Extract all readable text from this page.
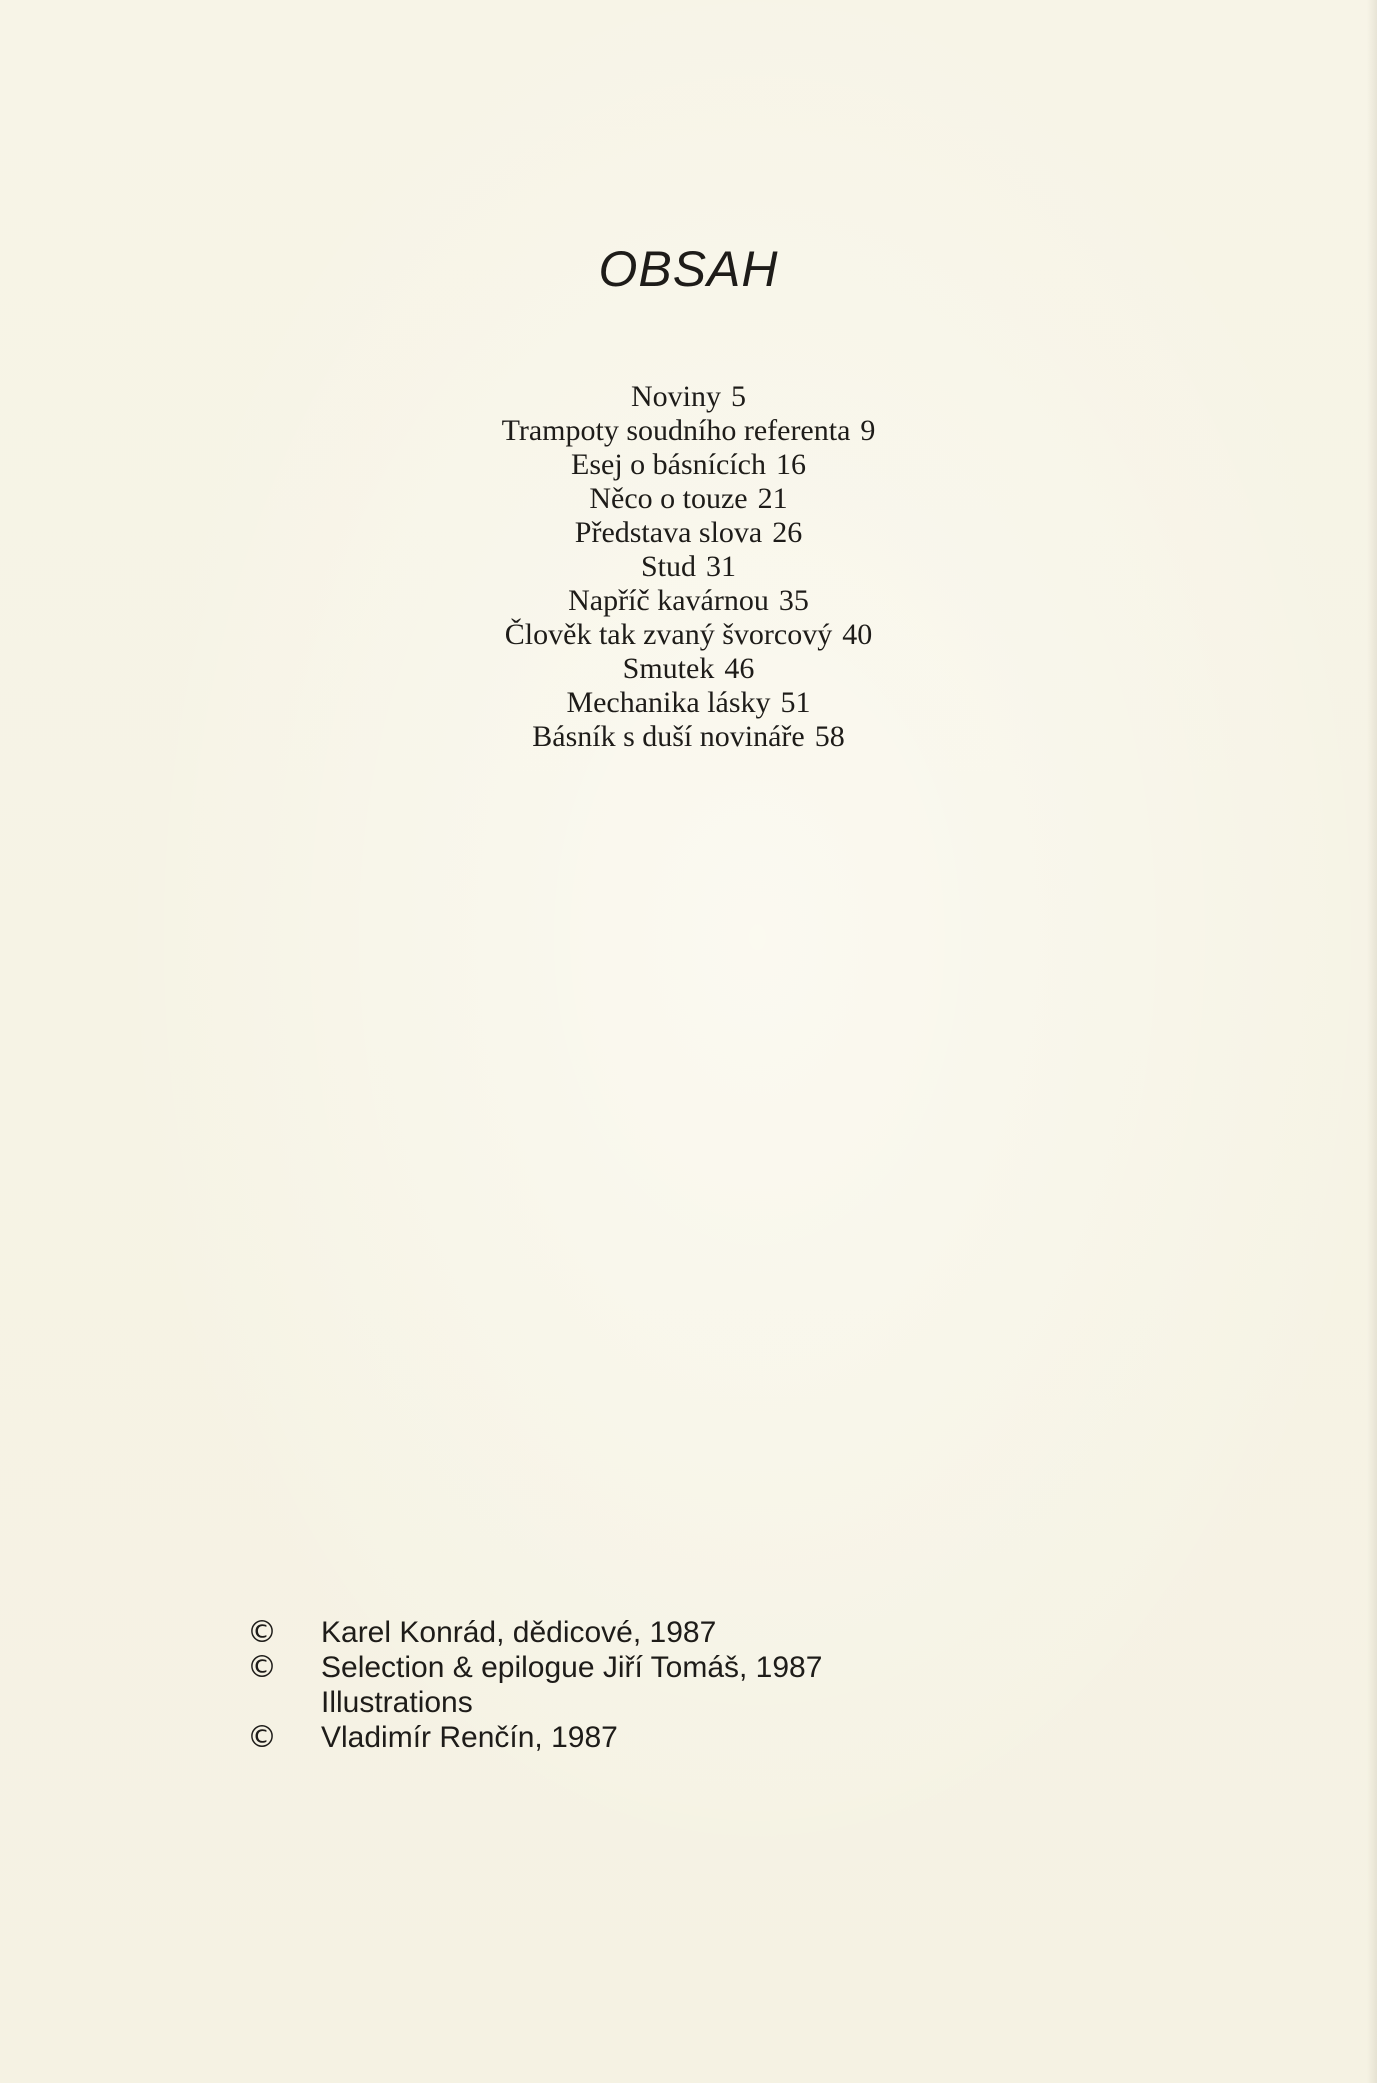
OBSAH
Noviny 5
Trampoty soudního referenta 9
Esej o básnících 16
Něco o touze 21
Představa slova 26
Stud 31
Napříč kavárnou 35
Člověk tak zvaný švorcový 40
Smutek 46
Mechanika lásky 51
Básník s duší novináře 58
© Karel Konrád, dědicové, 1987
© Selection & epilogue Jiří Tomáš, 1987
Illustrations
© Vladimír Renčín, 1987
